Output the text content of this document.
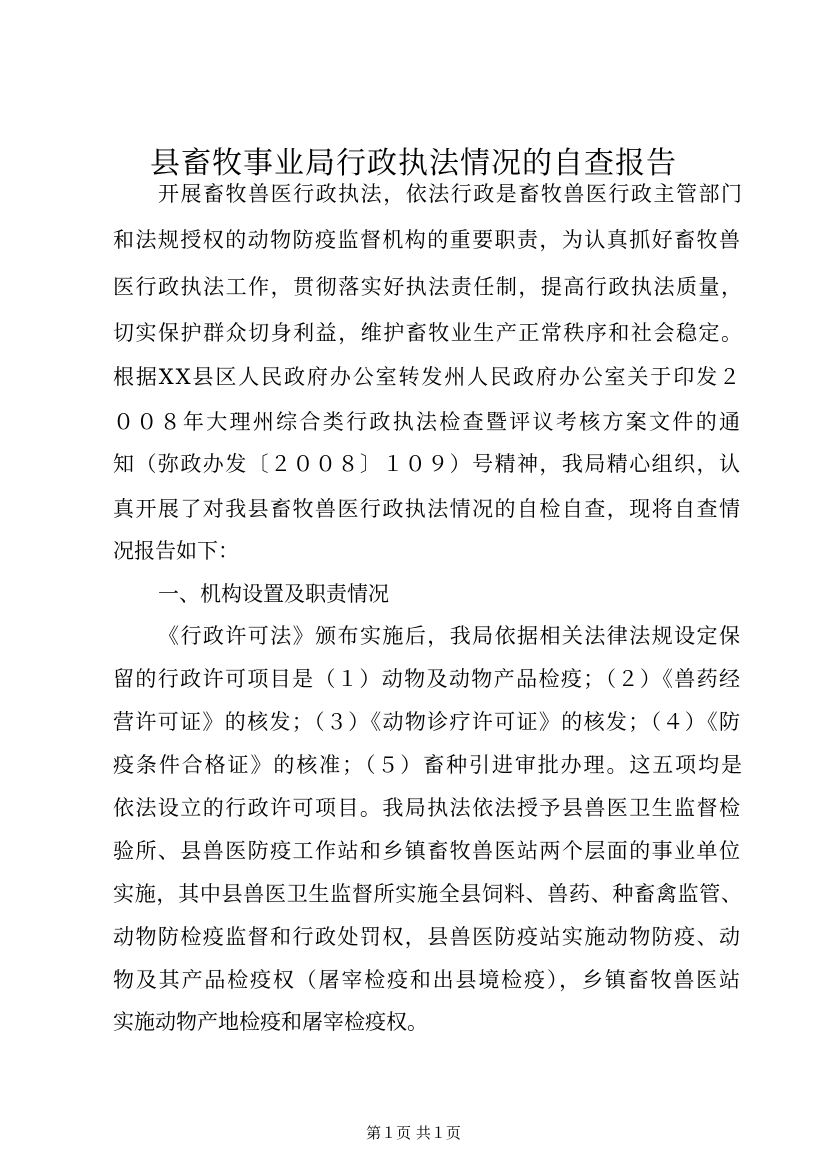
县畜牧事业局行政执法情况的自查报告
开展畜牧兽医行政执法，依法行政是畜牧兽医行政主管部门
和法规授权的动物防疫监督机构的重要职责，为认真抓好畜牧兽
医行政执法工作，贯彻落实好执法责任制，提高行政执法质量，
切实保护群众切身利益，维护畜牧业生产正常秩序和社会稳定。
根据XX县区人民政府办公室转发州人民政府办公室关于印发２
００８年大理州综合类行政执法检查暨评议考核方案文件的通
知（弥政办发〔２００８〕１０９）号精神，我局精心组织，认
真开展了对我县畜牧兽医行政执法情况的自检自查，现将自查情
况报告如下：
一、机构设置及职责情况
《行政许可法》颁布实施后，我局依据相关法律法规设定保
留的行政许可项目是（１）动物及动物产品检疫；（２）《兽药经
营许可证》的核发；（３）《动物诊疗许可证》的核发；（４）《防
疫条件合格证》的核准；（５）畜种引进审批办理。这五项均是
依法设立的行政许可项目。我局执法依法授予县兽医卫生监督检
验所、县兽医防疫工作站和乡镇畜牧兽医站两个层面的事业单位
实施，其中县兽医卫生监督所实施全县饲料、兽药、种畜禽监管、
动物防检疫监督和行政处罚权，县兽医防疫站实施动物防疫、动
物及其产品检疫权（屠宰检疫和出县境检疫），乡镇畜牧兽医站
实施动物产地检疫和屠宰检疫权。
第１页 共１页
